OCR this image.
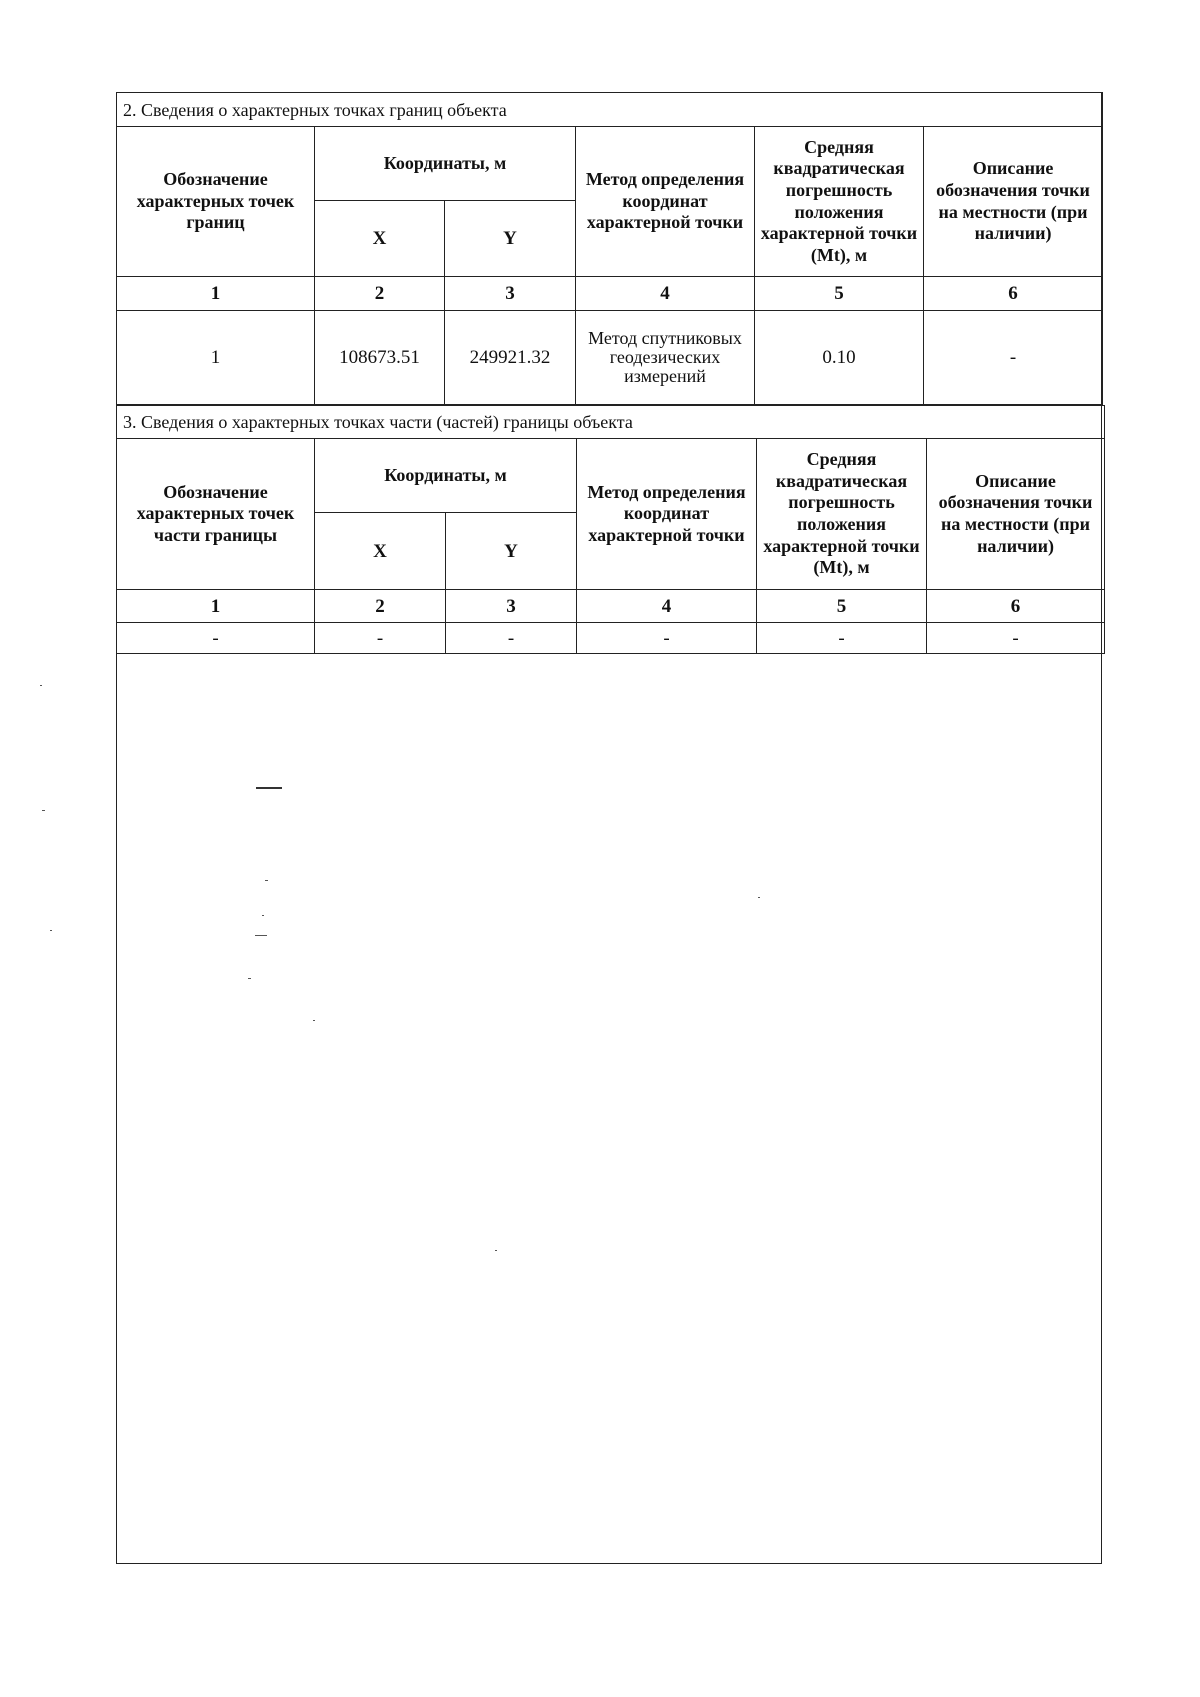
2. Сведения о характерных точках границ объекта					
Обозначение характерных точек границ	Координаты, м		Метод определения координат характерной точки	Средняя квадратическая погрешность положения характерной точки (Mt), м	Описание обозначения точки на местности (при наличии)
	X	Y			
1	2	3	4	5	6
1	108673.51	249921.32	Метод спутниковых геодезических измерений	0.10	-
3. Сведения о характерных точках части (частей) границы объекта					
Обозначение характерных точек части границы	Координаты, м		Метод определения координат характерной точки	Средняя квадратическая погрешность положения характерной точки (Mt), м	Описание обозначения точки на местности (при наличии)
	X	Y			
1	2	3	4	5	6
-	-	-	-	-	-
